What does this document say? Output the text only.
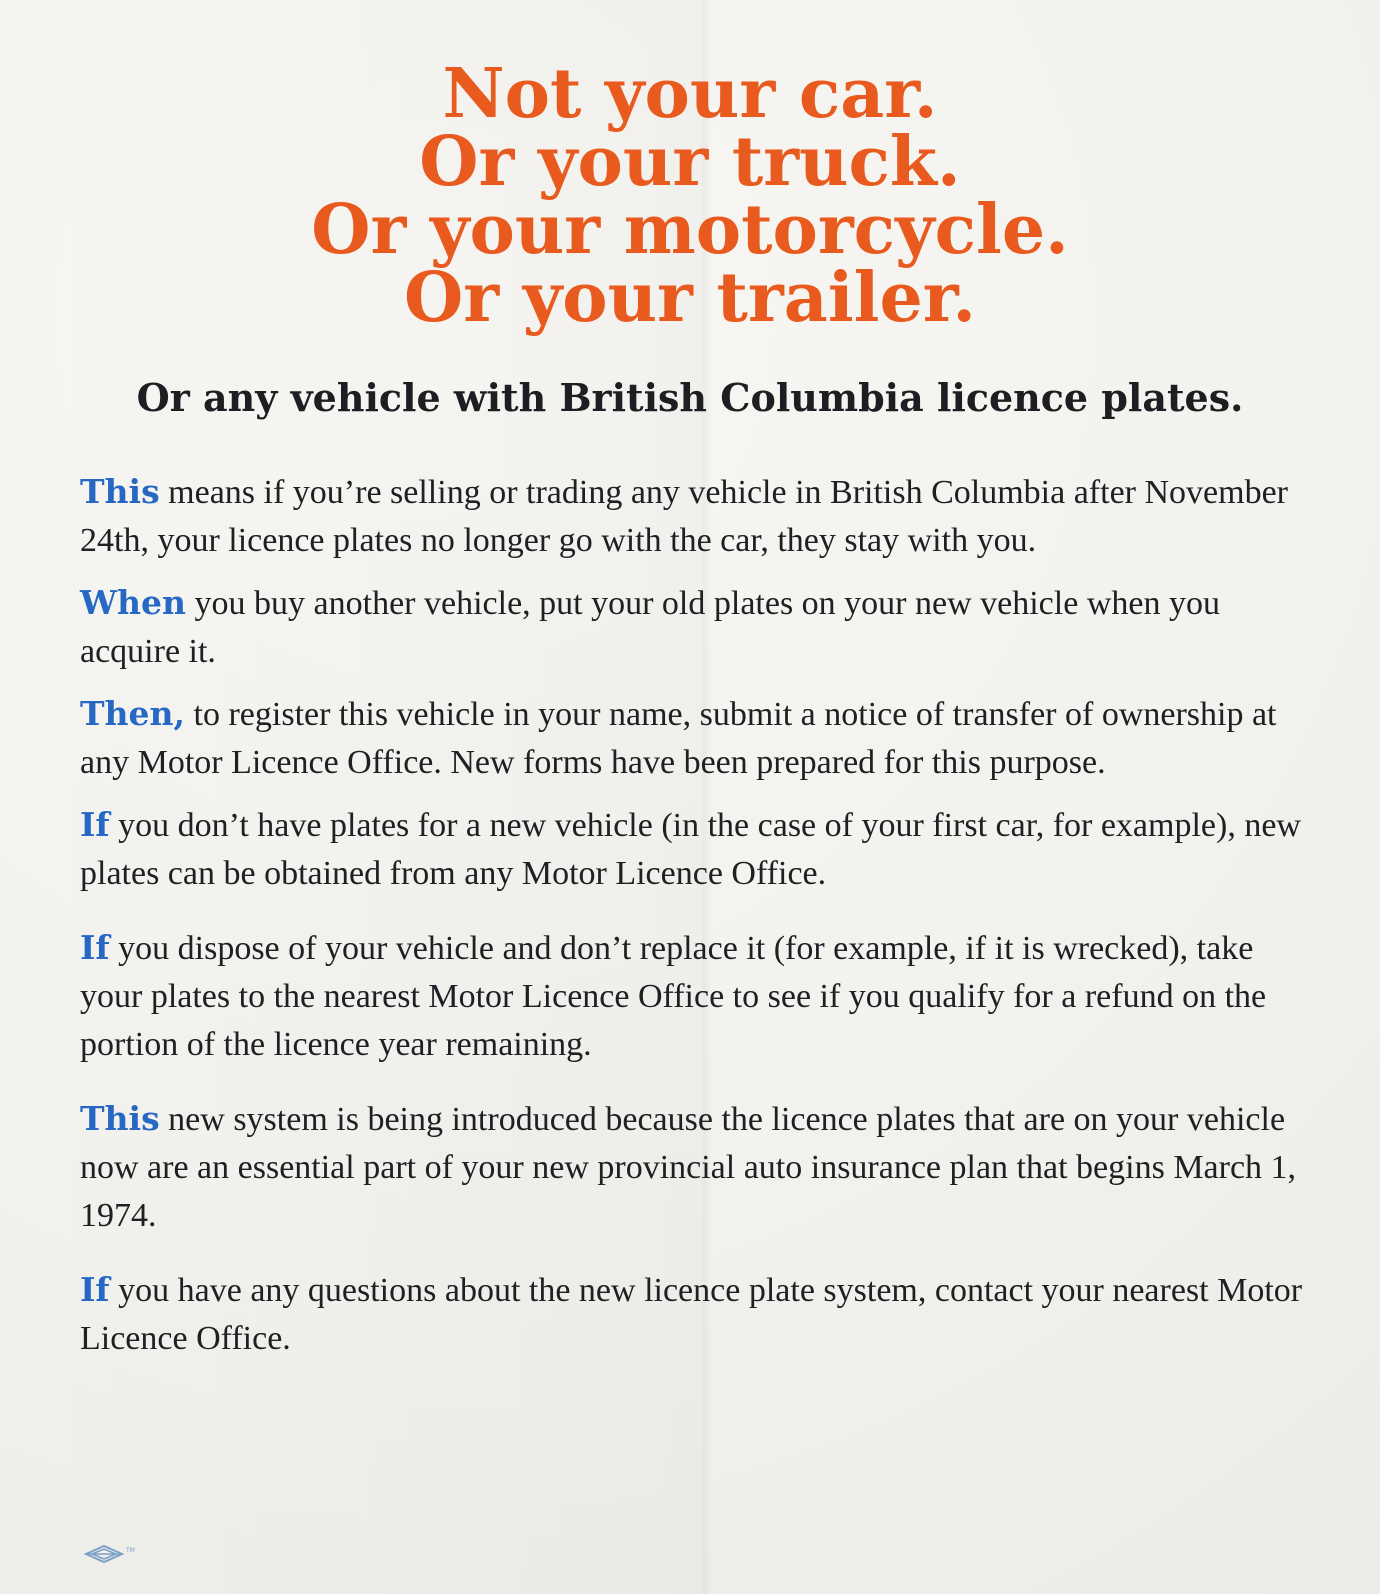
Not your car.
Or your truck.
Or your motorcycle.
Or your trailer.
Or any vehicle with British Columbia licence plates.

This means if you’re selling or trading any vehicle in British Columbia after November 24th, your licence plates no longer go with the car, they stay with you.

When you buy another vehicle, put your old plates on your new vehicle when you acquire it.

Then, to register this vehicle in your name, submit a notice of transfer of ownership at any Motor Licence Office. New forms have been prepared for this purpose.

If you don’t have plates for a new vehicle (in the case of your first car, for example), new plates can be obtained from any Motor Licence Office.

If you dispose of your vehicle and don’t replace it (for example, if it is wrecked), take your plates to the nearest Motor Licence Office to see if you qualify for a refund on the portion of the licence year remaining.

This new system is being introduced because the licence plates that are on your vehicle now are an essential part of your new provincial auto insurance plan that begins March 1, 1974.

If you have any questions about the new licence plate system, contact your nearest Motor Licence Office.

TM
